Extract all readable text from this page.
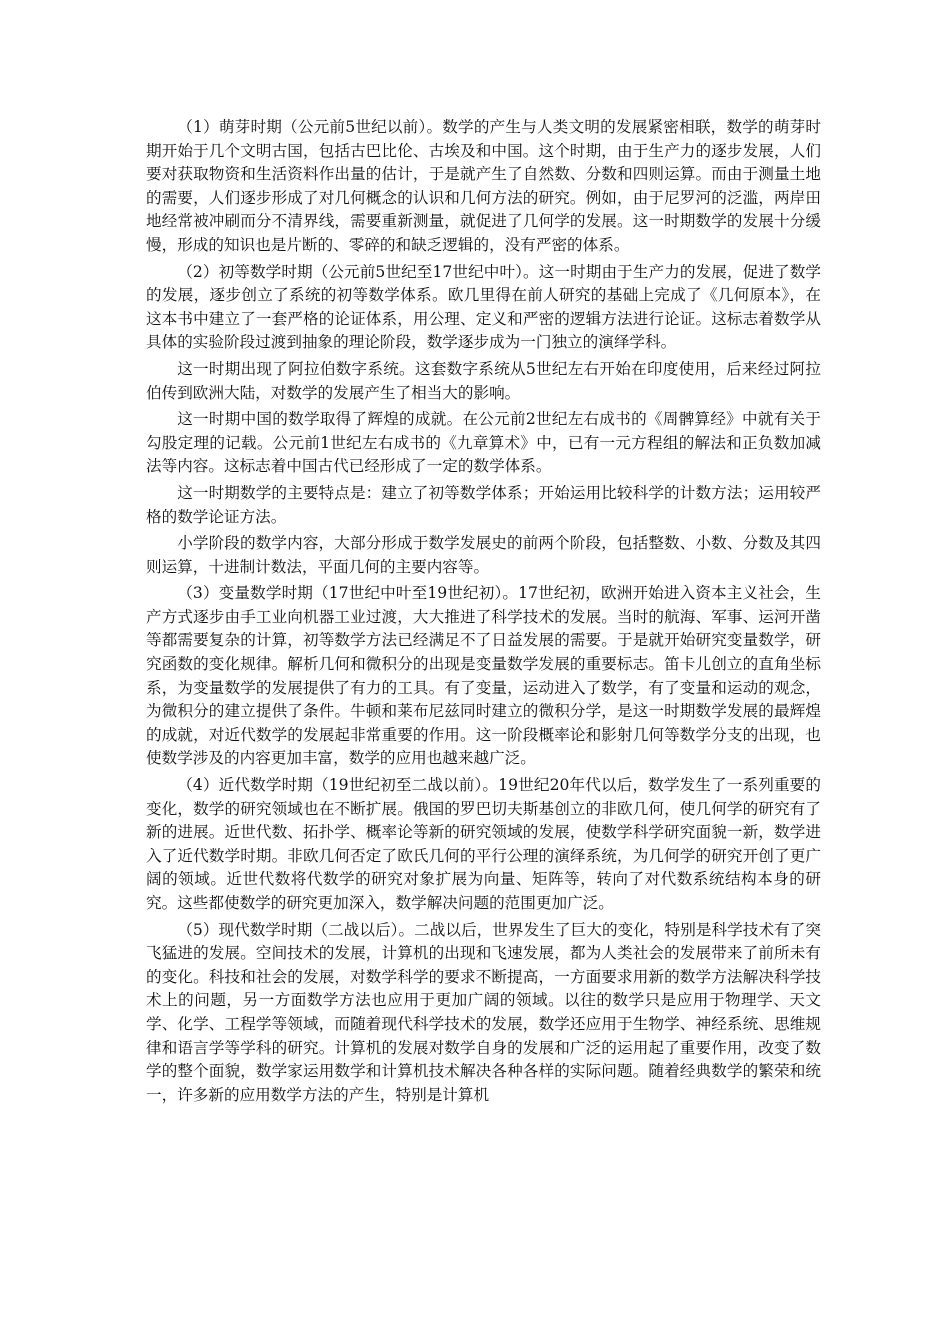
（1）萌芽时期（公元前5世纪以前）。数学的产生与人类文明的发展紧密相联，数学的萌芽时期开始于几个文明古国，包括古巴比伦、古埃及和中国。这个时期，由于生产力的逐步发展，人们要对获取物资和生活资料作出量的估计，于是就产生了自然数、分数和四则运算。而由于测量土地的需要，人们逐步形成了对几何概念的认识和几何方法的研究。例如，由于尼罗河的泛滥，两岸田地经常被冲刷而分不清界线，需要重新测量，就促进了几何学的发展。这一时期数学的发展十分缓慢，形成的知识也是片断的、零碎的和缺乏逻辑的，没有严密的体系。

（2）初等数学时期（公元前5世纪至17世纪中叶）。这一时期由于生产力的发展，促进了数学的发展，逐步创立了系统的初等数学体系。欧几里得在前人研究的基础上完成了《几何原本》，在这本书中建立了一套严格的论证体系，用公理、定义和严密的逻辑方法进行论证。这标志着数学从具体的实验阶段过渡到抽象的理论阶段，数学逐步成为一门独立的演绎学科。

这一时期出现了阿拉伯数字系统。这套数字系统从5世纪左右开始在印度使用，后来经过阿拉伯传到欧洲大陆，对数学的发展产生了相当大的影响。

这一时期中国的数学取得了辉煌的成就。在公元前2世纪左右成书的《周髀算经》中就有关于勾股定理的记载。公元前1世纪左右成书的《九章算术》中，已有一元方程组的解法和正负数加减法等内容。这标志着中国古代已经形成了一定的数学体系。

这一时期数学的主要特点是：建立了初等数学体系；开始运用比较科学的计数方法；运用较严格的数学论证方法。

小学阶段的数学内容，大部分形成于数学发展史的前两个阶段，包括整数、小数、分数及其四则运算，十进制计数法，平面几何的主要内容等。

（3）变量数学时期（17世纪中叶至19世纪初）。17世纪初，欧洲开始进入资本主义社会，生产方式逐步由手工业向机器工业过渡，大大推进了科学技术的发展。当时的航海、军事、运河开凿等都需要复杂的计算，初等数学方法已经满足不了日益发展的需要。于是就开始研究变量数学，研究函数的变化规律。解析几何和微积分的出现是变量数学发展的重要标志。笛卡儿创立的直角坐标系，为变量数学的发展提供了有力的工具。有了变量，运动进入了数学，有了变量和运动的观念，为微积分的建立提供了条件。牛顿和莱布尼兹同时建立的微积分学，是这一时期数学发展的最辉煌的成就，对近代数学的发展起非常重要的作用。这一阶段概率论和影射几何等数学分支的出现，也使数学涉及的内容更加丰富，数学的应用也越来越广泛。

（4）近代数学时期（19世纪初至二战以前）。19世纪20年代以后，数学发生了一系列重要的变化，数学的研究领域也在不断扩展。俄国的罗巴切夫斯基创立的非欧几何，使几何学的研究有了新的进展。近世代数、拓扑学、概率论等新的研究领域的发展，使数学科学研究面貌一新，数学进入了近代数学时期。非欧几何否定了欧氏几何的平行公理的演绎系统，为几何学的研究开创了更广阔的领域。近世代数将代数学的研究对象扩展为向量、矩阵等，转向了对代数系统结构本身的研究。这些都使数学的研究更加深入，数学解决问题的范围更加广泛。

（5）现代数学时期（二战以后）。二战以后，世界发生了巨大的变化，特别是科学技术有了突飞猛进的发展。空间技术的发展，计算机的出现和飞速发展，都为人类社会的发展带来了前所未有的变化。科技和社会的发展，对数学科学的要求不断提高，一方面要求用新的数学方法解决科学技术上的问题，另一方面数学方法也应用于更加广阔的领域。以往的数学只是应用于物理学、天文学、化学、工程学等领域，而随着现代科学技术的发展，数学还应用于生物学、神经系统、思维规律和语言学等学科的研究。计算机的发展对数学自身的发展和广泛的运用起了重要作用，改变了数学的整个面貌，数学家运用数学和计算机技术解决各种各样的实际问题。随着经典数学的繁荣和统一，许多新的应用数学方法的产生，特别是计算机
